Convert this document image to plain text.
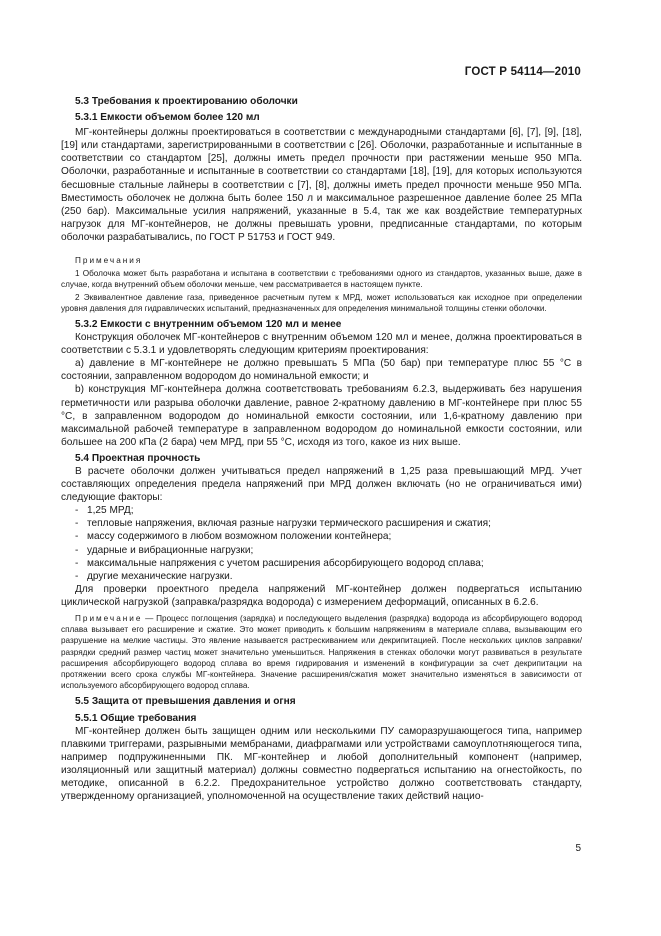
ГОСТ Р 54114—2010

5.3 Требования к проектированию оболочки

5.3.1 Емкости объемом более 120 мл

МГ-контейнеры должны проектироваться в соответствии с международными стандартами [6], [7], [9], [18], [19] или стандартами, зарегистрированными в соответствии с [26]. Оболочки, разработанные и испытанные в соответствии со стандартом [25], должны иметь предел прочности при растяжении меньше 950 МПа. Оболочки, разработанные и испытанные в соответствии со стандартами [18], [19], для которых используются бесшовные стальные лайнеры в соответствии с [7], [8], должны иметь предел прочности меньше 950 МПа. Вместимость оболочек не должна быть более 150 л и максимальное разрешенное давление более 25 МПа (250 бар). Максимальные усилия напряжений, указанные в 5.4, так же как воздействие температурных нагрузок для МГ-контейнеров, не должны превышать уровни, предписанные стандартами, по которым оболочки разрабатывались, по ГОСТ Р 51753 и ГОСТ 949.

Примечания

1 Оболочка может быть разработана и испытана в соответствии с требованиями одного из стандартов, указанных выше, даже в случае, когда внутренний объем оболочки меньше, чем рассматривается в настоящем пункте.

2 Эквивалентное давление газа, приведенное расчетным путем к МРД, может использоваться как исходное при определении уровня давления для гидравлических испытаний, предназначенных для определения минимальной толщины стенки оболочки.

5.3.2 Емкости с внутренним объемом 120 мл и менее

Конструкция оболочек МГ-контейнеров с внутренним объемом 120 мл и менее, должна проектироваться в соответствии с 5.3.1 и удовлетворять следующим критериям проектирования:

а) давление в МГ-контейнере не должно превышать 5 МПа (50 бар) при температуре плюс 55 °С в состоянии, заправленном водородом до номинальной емкости; и

b) конструкция МГ-контейнера должна соответствовать требованиям 6.2.3, выдерживать без нарушения герметичности или разрыва оболочки давление, равное 2-кратному давлению в МГ-контейнере при плюс 55 °С, в заправленном водородом до номинальной емкости состоянии, или 1,6-кратному давлению при максимальной рабочей температуре в заправленном водородом до номинальной емкости состоянии, или большее на 200 кПа (2 бара) чем МРД, при 55 °С, исходя из того, какое из них выше.

5.4 Проектная прочность

В расчете оболочки должен учитываться предел напряжений в 1,25 раза превышающий МРД. Учет составляющих определения предела напряжений при МРД должен включать (но не ограничиваться ими) следующие факторы:

- 1,25 МРД;
- тепловые напряжения, включая разные нагрузки термического расширения и сжатия;
- массу содержимого в любом возможном положении контейнера;
- ударные и вибрационные нагрузки;
- максимальные напряжения с учетом расширения абсорбирующего водород сплава;
- другие механические нагрузки.

Для проверки проектного предела напряжений МГ-контейнер должен подвергаться испытанию циклической нагрузкой (заправка/разрядка водорода) с измерением деформаций, описанных в 6.2.6.

Примечание — Процесс поглощения (зарядка) и последующего выделения (разрядка) водорода из абсорбирующего водород сплава вызывает его расширение и сжатие. Это может приводить к большим напряжениям в материале сплава, вызывающим его разрушение на мелкие частицы. Это явление называется растрескиванием или декрипитацией. После нескольких циклов заправки/разрядки средний размер частиц может значительно уменьшиться. Напряжения в стенках оболочки могут развиваться в результате расширения абсорбирующего водород сплава во время гидрирования и изменений в конфигурации за счет декрипитации на протяжении всего срока службы МГ-контейнера. Значение расширения/сжатия может значительно изменяться в зависимости от используемого абсорбирующего водород сплава.

5.5 Защита от превышения давления и огня

5.5.1 Общие требования

МГ-контейнер должен быть защищен одним или несколькими ПУ саморазрушающегося типа, например плавкими триггерами, разрывными мембранами, диафрагмами или устройствами самоуплотняющегося типа, например подпружиненными ПК. МГ-контейнер и любой дополнительный компонент (например, изоляционный или защитный материал) должны совместно подвергаться испытанию на огнестойкость, по методике, описанной в 6.2.2. Предохранительное устройство должно соответствовать стандарту, утвержденному организацией, уполномоченной на осуществление таких действий нацио-

5
